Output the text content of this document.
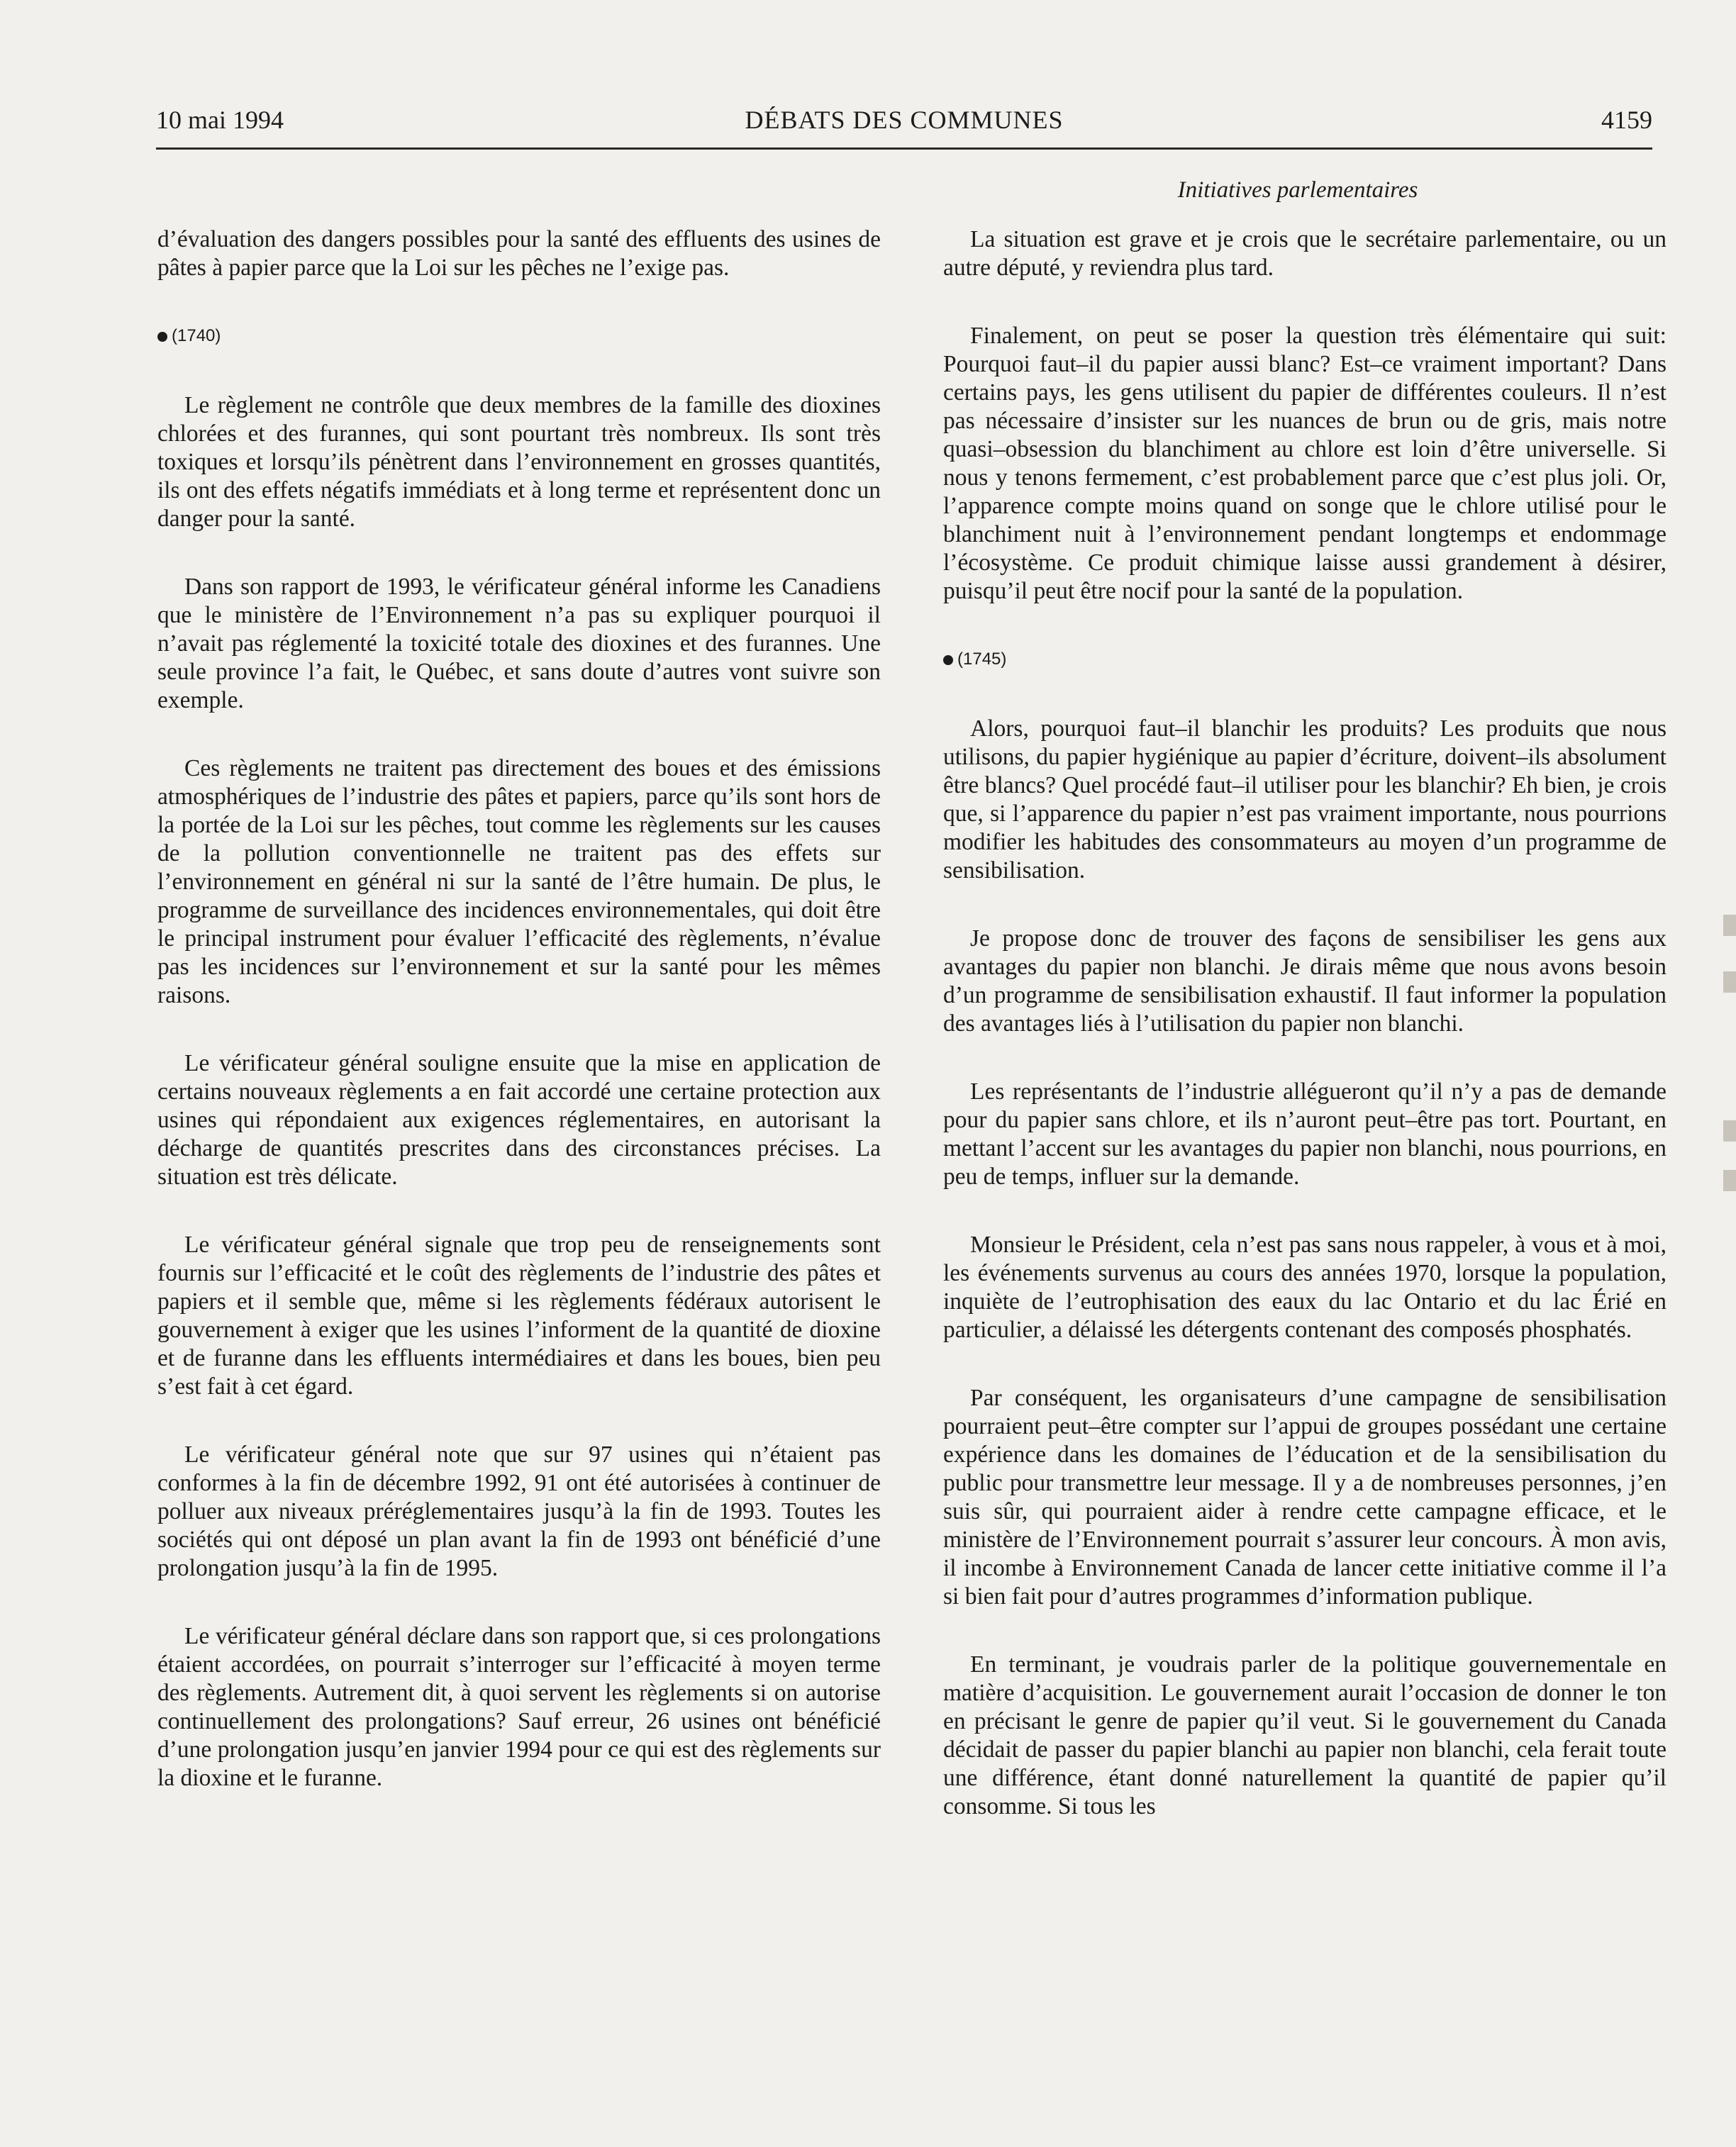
10 mai 1994	DÉBATS DES COMMUNES	4159
Initiatives parlementaires

d’évaluation des dangers possibles pour la santé des effluents des usines de pâtes à papier parce que la Loi sur les pêches ne l’exige pas.

(1740)

Le règlement ne contrôle que deux membres de la famille des dioxines chlorées et des furannes, qui sont pourtant très nombreux. Ils sont très toxiques et lorsqu’ils pénètrent dans l’environnement en grosses quantités, ils ont des effets négatifs immédiats et à long terme et représentent donc un danger pour la santé.

Dans son rapport de 1993, le vérificateur général informe les Canadiens que le ministère de l’Environnement n’a pas su expliquer pourquoi il n’avait pas réglementé la toxicité totale des dioxines et des furannes. Une seule province l’a fait, le Québec, et sans doute d’autres vont suivre son exemple.

Ces règlements ne traitent pas directement des boues et des émissions atmosphériques de l’industrie des pâtes et papiers, parce qu’ils sont hors de la portée de la Loi sur les pêches, tout comme les règlements sur les causes de la pollution conventionnelle ne traitent pas des effets sur l’environnement en général ni sur la santé de l’être humain. De plus, le programme de surveillance des incidences environnementales, qui doit être le principal instrument pour évaluer l’efficacité des règlements, n’évalue pas les incidences sur l’environnement et sur la santé pour les mêmes raisons.

Le vérificateur général souligne ensuite que la mise en application de certains nouveaux règlements a en fait accordé une certaine protection aux usines qui répondaient aux exigences réglementaires, en autorisant la décharge de quantités prescrites dans des circonstances précises. La situation est très délicate.

Le vérificateur général signale que trop peu de renseignements sont fournis sur l’efficacité et le coût des règlements de l’industrie des pâtes et papiers et il semble que, même si les règlements fédéraux autorisent le gouvernement à exiger que les usines l’informent de la quantité de dioxine et de furanne dans les effluents intermédiaires et dans les boues, bien peu s’est fait à cet égard.

Le vérificateur général note que sur 97 usines qui n’étaient pas conformes à la fin de décembre 1992, 91 ont été autorisées à continuer de polluer aux niveaux préréglementaires jusqu’à la fin de 1993. Toutes les sociétés qui ont déposé un plan avant la fin de 1993 ont bénéficié d’une prolongation jusqu’à la fin de 1995.

Le vérificateur général déclare dans son rapport que, si ces prolongations étaient accordées, on pourrait s’interroger sur l’efficacité à moyen terme des règlements. Autrement dit, à quoi servent les règlements si on autorise continuellement des prolongations? Sauf erreur, 26 usines ont bénéficié d’une prolongation jusqu’en janvier 1994 pour ce qui est des règlements sur la dioxine et le furanne.

La situation est grave et je crois que le secrétaire parlementaire, ou un autre député, y reviendra plus tard.

Finalement, on peut se poser la question très élémentaire qui suit: Pourquoi faut–il du papier aussi blanc? Est–ce vraiment important? Dans certains pays, les gens utilisent du papier de différentes couleurs. Il n’est pas nécessaire d’insister sur les nuances de brun ou de gris, mais notre quasi–obsession du blanchiment au chlore est loin d’être universelle. Si nous y tenons fermement, c’est probablement parce que c’est plus joli. Or, l’apparence compte moins quand on songe que le chlore utilisé pour le blanchiment nuit à l’environnement pendant longtemps et endommage l’écosystème. Ce produit chimique laisse aussi grandement à désirer, puisqu’il peut être nocif pour la santé de la population.

(1745)

Alors, pourquoi faut–il blanchir les produits? Les produits que nous utilisons, du papier hygiénique au papier d’écriture, doivent–ils absolument être blancs? Quel procédé faut–il utiliser pour les blanchir? Eh bien, je crois que, si l’apparence du papier n’est pas vraiment importante, nous pourrions modifier les habitudes des consommateurs au moyen d’un programme de sensibilisation.

Je propose donc de trouver des façons de sensibiliser les gens aux avantages du papier non blanchi. Je dirais même que nous avons besoin d’un programme de sensibilisation exhaustif. Il faut informer la population des avantages liés à l’utilisation du papier non blanchi.

Les représentants de l’industrie allégueront qu’il n’y a pas de demande pour du papier sans chlore, et ils n’auront peut–être pas tort. Pourtant, en mettant l’accent sur les avantages du papier non blanchi, nous pourrions, en peu de temps, influer sur la demande.

Monsieur le Président, cela n’est pas sans nous rappeler, à vous et à moi, les événements survenus au cours des années 1970, lorsque la population, inquiète de l’eutrophisation des eaux du lac Ontario et du lac Érié en particulier, a délaissé les détergents contenant des composés phosphatés.

Par conséquent, les organisateurs d’une campagne de sensibilisation pourraient peut–être compter sur l’appui de groupes possédant une certaine expérience dans les domaines de l’éducation et de la sensibilisation du public pour transmettre leur message. Il y a de nombreuses personnes, j’en suis sûr, qui pourraient aider à rendre cette campagne efficace, et le ministère de l’Environnement pourrait s’assurer leur concours. À mon avis, il incombe à Environnement Canada de lancer cette initiative comme il l’a si bien fait pour d’autres programmes d’information publique.

En terminant, je voudrais parler de la politique gouvernementale en matière d’acquisition. Le gouvernement aurait l’occasion de donner le ton en précisant le genre de papier qu’il veut. Si le gouvernement du Canada décidait de passer du papier blanchi au papier non blanchi, cela ferait toute une différence, étant donné naturellement la quantité de papier qu’il consomme. Si tous les
